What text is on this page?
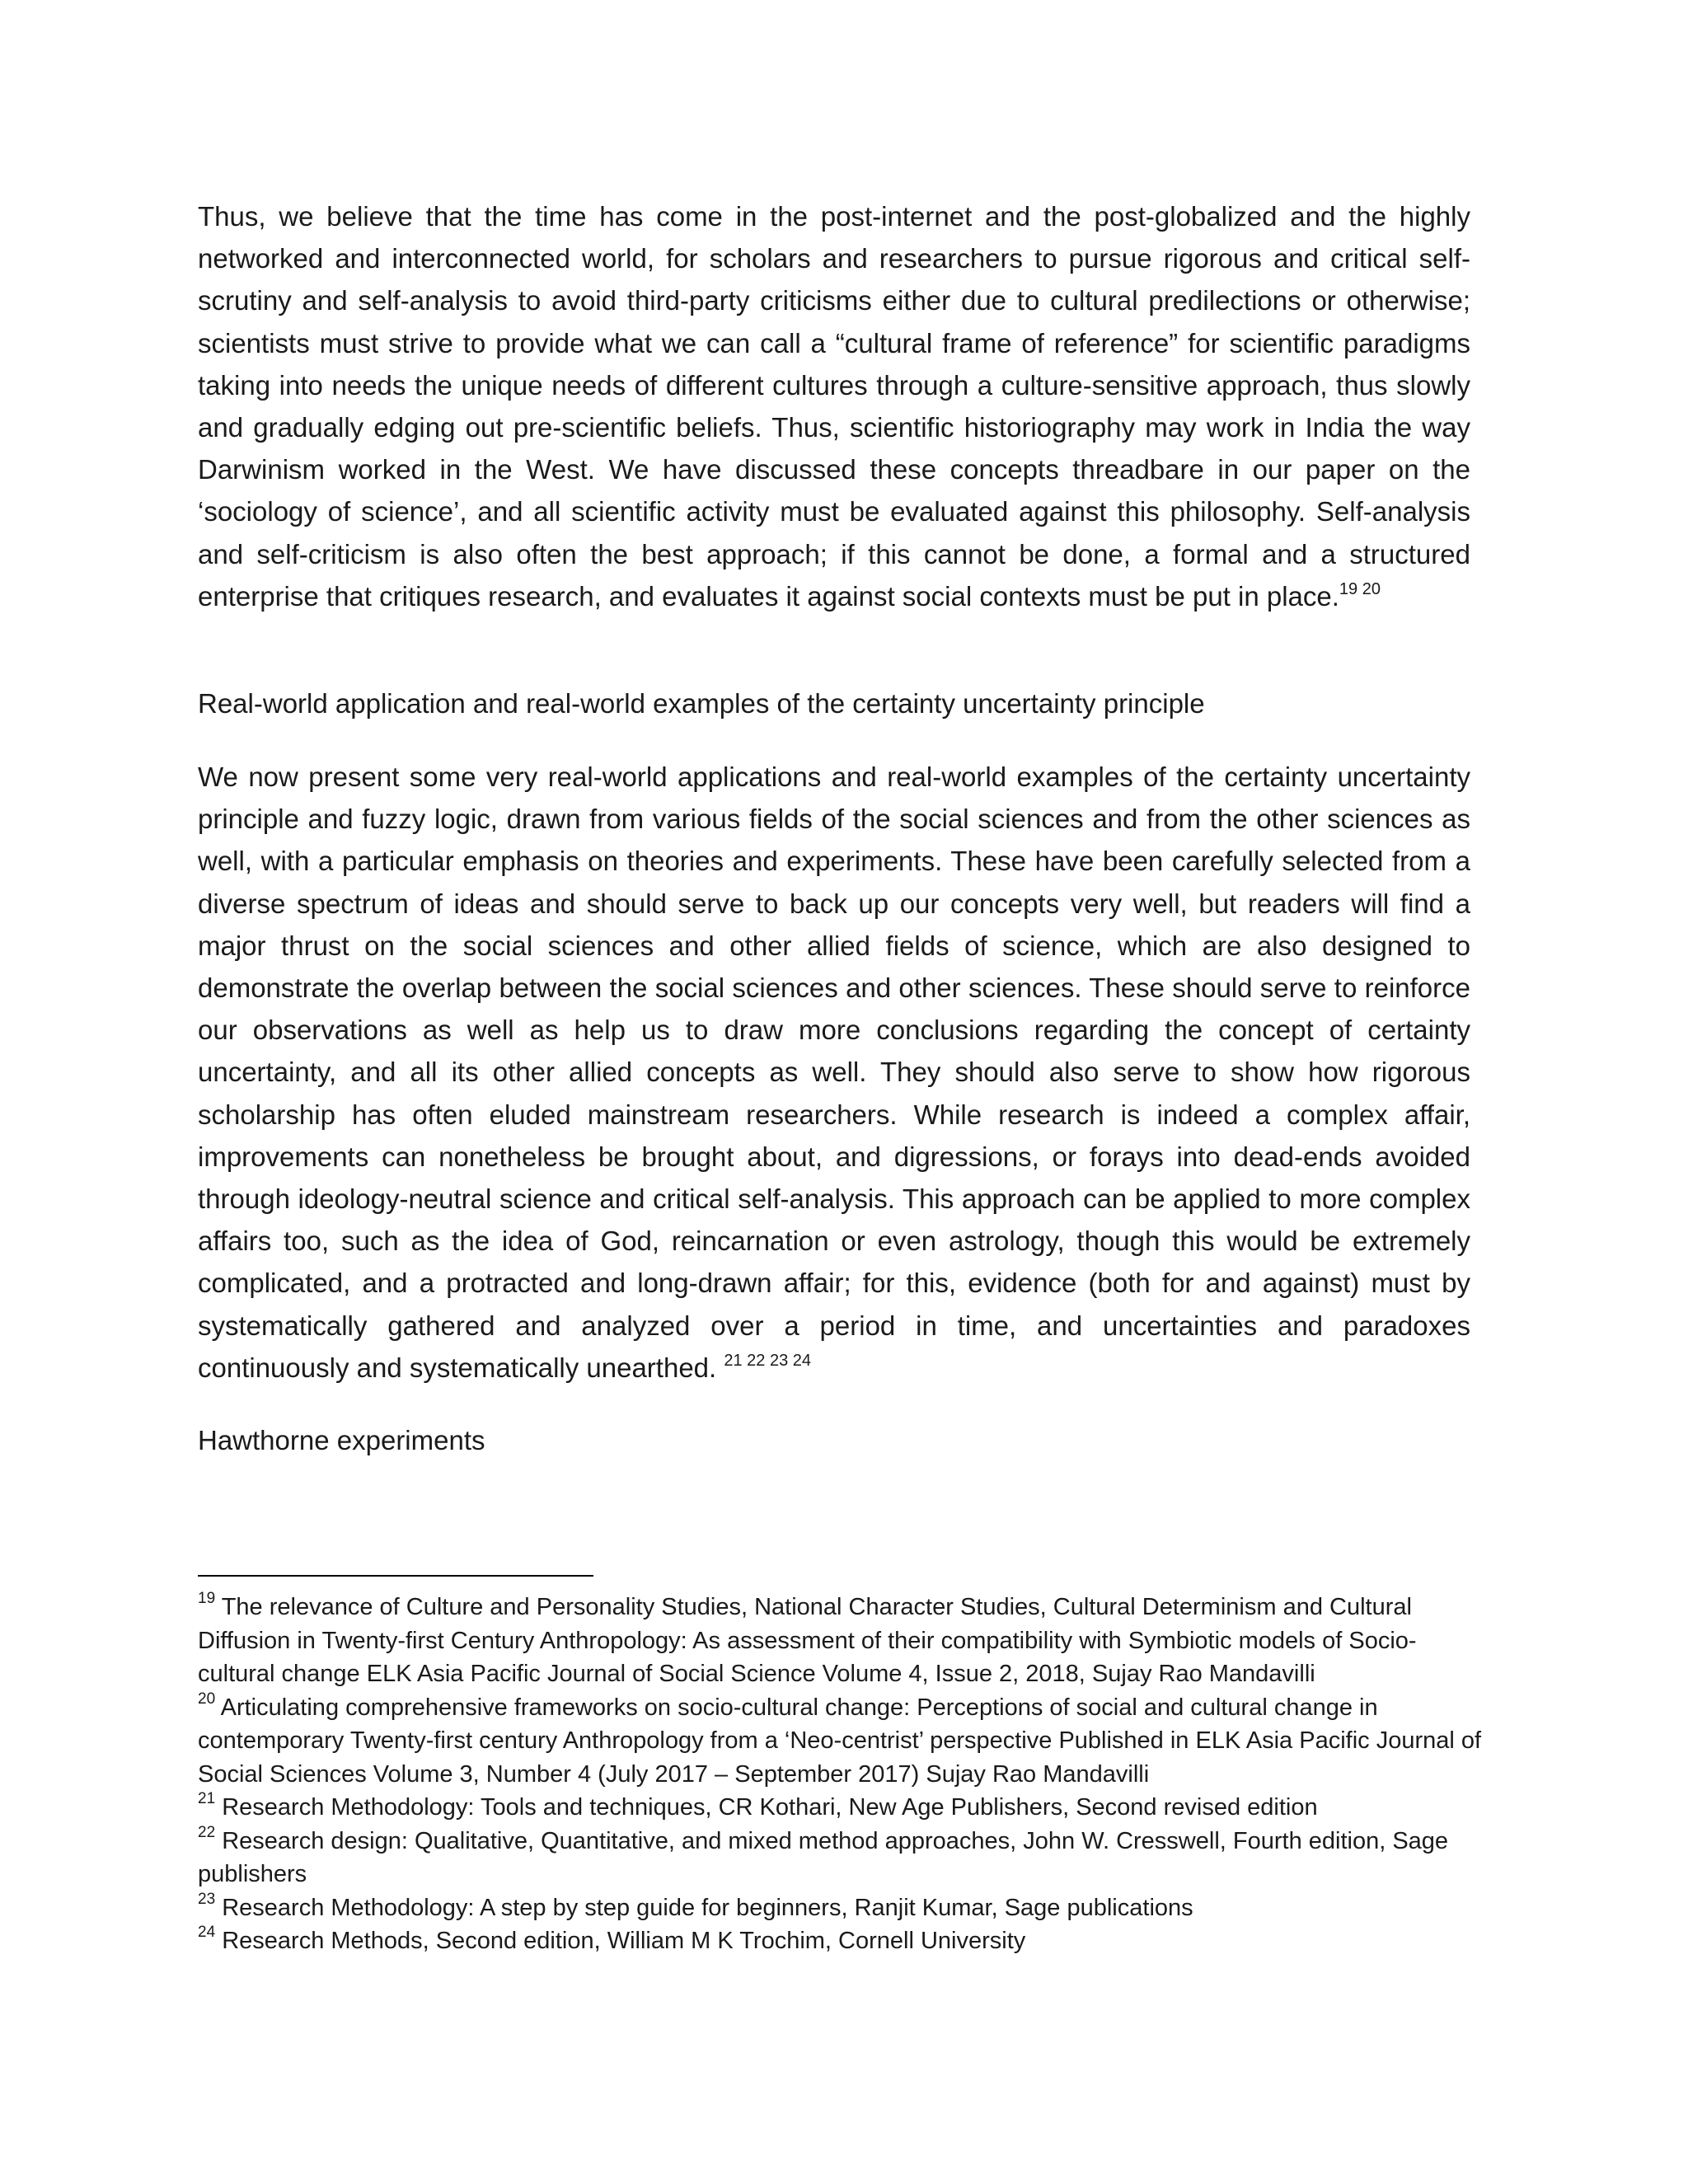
Thus, we believe that the time has come in the post-internet and the post-globalized and the highly networked and interconnected world, for scholars and researchers to pursue rigorous and critical self-scrutiny and self-analysis to avoid third-party criticisms either due to cultural predilections or otherwise; scientists must strive to provide what we can call a “cultural frame of reference” for scientific paradigms taking into needs the unique needs of different cultures through a culture-sensitive approach, thus slowly and gradually edging out pre-scientific beliefs. Thus, scientific historiography may work in India the way Darwinism worked in the West. We have discussed these concepts threadbare in our paper on the ‘sociology of science’, and all scientific activity must be evaluated against this philosophy. Self-analysis and self-criticism is also often the best approach; if this cannot be done, a formal and a structured enterprise that critiques research, and evaluates it against social contexts must be put in place.$^{19 20}$

Real-world application and real-world examples of the certainty uncertainty principle

We now present some very real-world applications and real-world examples of the certainty uncertainty principle and fuzzy logic, drawn from various fields of the social sciences and from the other sciences as well, with a particular emphasis on theories and experiments. These have been carefully selected from a diverse spectrum of ideas and should serve to back up our concepts very well, but readers will find a major thrust on the social sciences and other allied fields of science, which are also designed to demonstrate the overlap between the social sciences and other sciences. These should serve to reinforce our observations as well as help us to draw more conclusions regarding the concept of certainty uncertainty, and all its other allied concepts as well. They should also serve to show how rigorous scholarship has often eluded mainstream researchers. While research is indeed a complex affair, improvements can nonetheless be brought about, and digressions, or forays into dead-ends avoided through ideology-neutral science and critical self-analysis. This approach can be applied to more complex affairs too, such as the idea of God, reincarnation or even astrology, though this would be extremely complicated, and a protracted and long-drawn affair; for this, evidence (both for and against) must by systematically gathered and analyzed over a period in time, and uncertainties and paradoxes continuously and systematically unearthed. $^{21 22 23 24}$

Hawthorne experiments

$^{19}$ The relevance of Culture and Personality Studies, National Character Studies, Cultural Determinism and Cultural Diffusion in Twenty-first Century Anthropology: As assessment of their compatibility with Symbiotic models of Socio-cultural change ELK Asia Pacific Journal of Social Science Volume 4, Issue 2, 2018, Sujay Rao Mandavilli

$^{20}$ Articulating comprehensive frameworks on socio-cultural change: Perceptions of social and cultural change in contemporary Twenty-first century Anthropology from a ‘Neo-centrist’ perspective Published in ELK Asia Pacific Journal of Social Sciences Volume 3, Number 4 (July 2017 – September 2017) Sujay Rao Mandavilli

$^{21}$ Research Methodology: Tools and techniques, CR Kothari, New Age Publishers, Second revised edition

$^{22}$ Research design: Qualitative, Quantitative, and mixed method approaches, John W. Cresswell, Fourth edition, Sage publishers

$^{23}$ Research Methodology: A step by step guide for beginners, Ranjit Kumar, Sage publications

$^{24}$ Research Methods, Second edition, William M K Trochim, Cornell University
